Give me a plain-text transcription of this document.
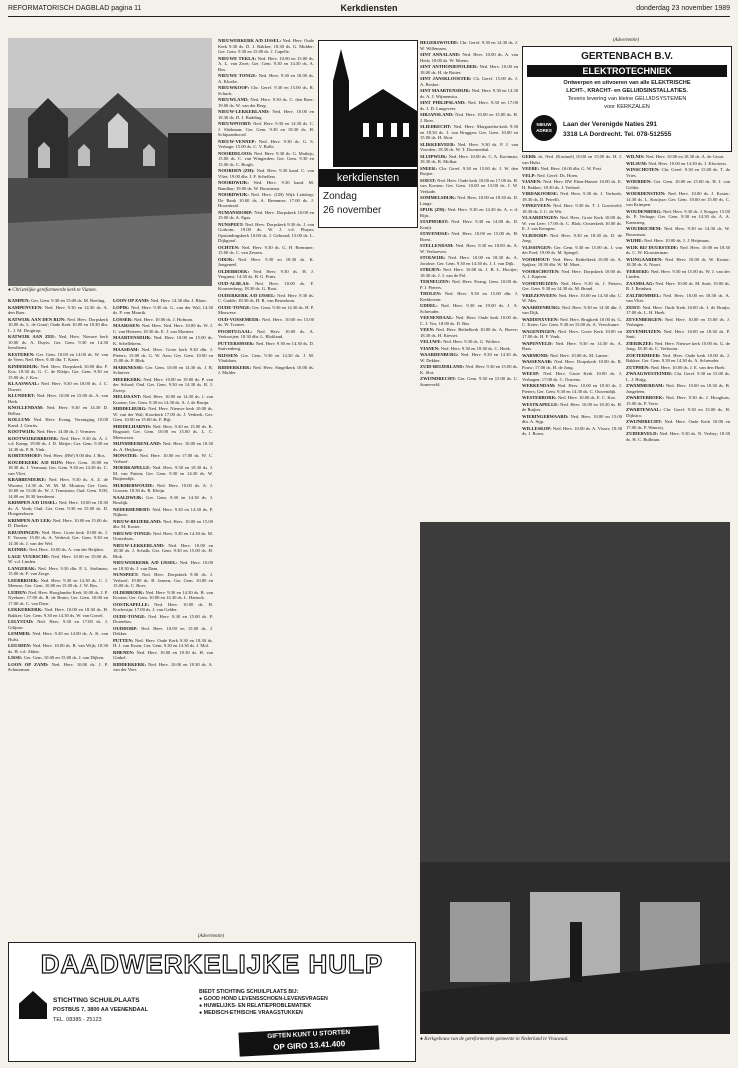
REFORMATORISCH DAGBLAD pagina 11	Kerkdiensten	donderdag 23 november 1989
● Christelijke gereformeerde kerk te Vianen.
kerkdiensten
Zondag
26 november

KAMPEN: Ger. Gem. 9.30 en 15.00 ds. M. Reeling.

KAMPENVEEN: Ned. Herv. 9.30 en 14.30 ds. A. den Boer.

KATWIJK AAN DEN RIJN: Ned. Herv. Dorpskerk 10.00 ds. L. de Graaf; Oude Kerk 10.00 en 18.30 dhr. L. J. M. Drogtrop.

KATWIJK AAN ZEE: Ned. Herv. Nieuwe kerk 10.00 ds. A. Duyts; Ger. Gem. 9.30 en 14.30 leesdienst.

KESTEREN: Ger. Gem. 10.00 en 14.00 ds. W. van de Veen; Ned. Herv. 9.30 dhr. T. Kater.

KINDERDIJK: Ned. Herv. Dorpskerk 10.00 dhr. F. Kos; 18.30 ds. G. C. de Kleijn; Ger. Gem. 9.30 en 15.00 ds. J. Kos.

KLAASWAAL: Ned. Herv. 9.30 en 18.00 ds. J. C. Duvert.

KLUNDERT: Ned. Herv. 10.00 en 15.00 ds. A. van Herk.

KNOLLENDAM: Ned. Herv. 9.30 en 14.30 D. Belhar.

KOLLUM: Ned. Herv. Evang. Vereniging 10.00 Kand. J. Gerrits.

KOOTWIJK: Ned. Herv. 14.00 ds. J. Vermeer.

KOOTWIJKERBROEK: Ned. Herv. 9.30 ds. A. J. v.d. Kamp; 19.00 ds. J. D. Meijer; Ger. Gem. 9.30 en 14.30 ds. P. B. Vink.

KORTENHOEF: Ned. Herv. (RW) 9.00 dhr. J. Bos.

KOUDEKERK A/D RIJN: Herv. Gem. 10.00 en 18.30 ds. J. Vermaat; Ger. Gem. 9.30 en 14.30 ds. C. van Vliet.

KRABBENDIJKE: Ned. Herv. 9.30 ds. A. Z. de Wuorm; 14.30 ds. W. M. M. Mouton; Ger. Gem. 10.00 en 15.00 ds. W. J. Teunissen; Oud. Gem. 9.00, 14.00 en 18.30 leesdienst.

KRIMPEN A/D IJSSEL: Ned. Herv. 10.00 en 18.30 ds. A. Vonk; Oud. Ger. Gem. 9.30 en 15.00 ds. D. Hoogendoorn.

KRIMPEN A/D LEK: Ned. Herv. 10.00 en 15.00 ds. D. Donker.

KRUININGEN: Ned. Herv. Grote kerk 10.00 ds. J. F. Vossen; 15.00 ds. A. Verheul; Ger. Gem. 9.30 en 14.30 ds. J. van der Wel.

KUINRE: Ned. Herv. 10.00 ds. A. van der Heijden.

LAGE VUURSCHE: Ned. Herv. 10.00 en 19.00 ds. W. v.d. Linden.

LANGERAK: Ned. Herv. 9.30 dhr. P. L. Stoltman; 15.00 ds. F. van Zorge.

LEERBROEK: Ned. Herv. 9.30 en 14.30 ds. C. J. Meeuse; Ger. Gem. 10.00 en 15.00 ds. J. W. Bos.

LEIDEN: Ned. Herv. Hooglandse Kerk 10.00 ds. J. P. Nyeboer; 17.00 ds. R. de Bruin; Ger. Gem. 10.00 en 17.00 ds. C. van Dam.

LEKKERKERK: Ned. Herv. 10.00 en 18.30 ds. H. Bakker; Ger. Gem. 9.30 en 14.30 ds. W. van Gorsel.

LELYSTAD: Ned. Herv. 9.30 en 17.00 ds. J. Gilijnse.

LEMMER: Ned. Herv. 9.30 en 14.00 ds. A. K. van Hulst.

LEUSDEN: Ned. Herv. 10.00 ds. B. van Wijk; 18.30 ds. H. v.d. Akker.

LISSE: Ger. Gem. 10.00 en 15.00 ds. J. van Dijken.

LOON OP ZAND: Ned. Herv. 10.00 ds. J. P. Schuurman.

LOON OP ZAND: Ned. Herv. 14.30 dhr. J. Blom.

LOPIK: Ned. Herv. 9.30 ds. G. van der Wal; 14.30 ds. P. van Mourik.

LOSSER: Ned. Herv. 10.00 ds. J. Hofman.

MAARSSEN: Ned. Herv. Ned. Herv. 10.00 ds. W. J. C. van Heteren; 18.30 ds. E. J. van Monster.

MAARTENSDIJK: Ned. Herv. 10.00 en 15.00 ds. K. Schellekens.

MAASDAM: Ned. Herv. Grote kerk 9.30 dhr. J. Pieters; 15.00 ds. G. W. Aars; Ger. Gem. 10.00 en 15.00 ds. P. Blok.

MARKNESSE: Ger. Gem. 10.00 en 14.30 ds. J. B. Schuiver.

MEERKERK: Ned. Herv. 10.00 en 19.00 ds. P. van der Schaaf; Oud. Ger. Gem. 9.30 en 14.30 ds. R. J. Zwiep.

MELISSANT: Ned. Herv. 10.00 en 14.30 ds. J. van Kooten; Ger. Gem. 9.30 en 14.30 ds. A. J. de Bruijn.

MIDDELBURG: Ned. Herv. Nieuwe kerk 10.00 ds. W. van der Wal; Koorkerk 17.00 ds. J. Verkerk; Ger. Gem. 10.00 en 15.00 ds. F. Bijl.

MIDDELHARNIS: Ned. Herv. 9.30 en 15.00 ds. K. Bogaard; Ger. Gem. 10.00 en 15.00 ds. L. C. Meeuwsen.

MIJNSHEERENLAND: Ned. Herv. 10.00 en 18.30 ds. A. Heijkoop.

MONSTER: Ned. Herv. 10.00 en 17.00 ds. W. C. Verhoef.

MOERKAPELLE: Ned. Herv. 9.30 en 18.30 ds. J. M. van Putten; Ger. Gem. 9.30 en 14.30 ds. W. Buijtendijk.

MURMERWOUDE: Ned. Herv. 10.00 ds. A. J. Goosen; 18.30 ds. R. Kleijn.

NAALDWIJK: Ger. Gem. 9.30 en 14.30 ds. J. Bosdijk.

NEDERHEMERT: Ned. Herv. 9.30 en 14.30 ds. P. Nijboer.

NIEUW-BEIJERLAND: Ned. Herv. 10.00 en 15.00 dhr. M. Koster.

NIEUWE-TONGE: Ned. Herv. 9.30 en 14.30 ds. M. Oosterhuis.

NIEUW-LEKKERLAND: Ned. Herv. 10.00 en 18.30 ds. J. Schalk; Ger. Gem. 9.30 en 15.00 ds. H. Blok.

NIEUWERKERK A/D IJSSEL: Ned. Herv. 10.00 en 18.30 ds. J. van Dam.

NUNSPEET: Ned. Herv. Dorpskerk 9.30 ds. J. Verhoef; 19.00 ds. B. Jansen; Ger. Gem. 10.00 en 15.00 ds. C. Boer.

OLDEBROEK: Ned. Herv. 9.30 en 14.30 ds. R. van Kooten; Ger. Gem. 10.00 en 14.30 ds. L. Harinck.

OOSTKAPELLE: Ned. Herv. 10.00 ds. H. Koelewijn; 17.00 ds. J. van Gelder.

OUDE-TONGE: Ned. Herv. 9.30 en 15.00 ds. P. Dorenbos.

OUDDORP: Ned. Herv. 10.00 en 15.00 ds. J. Dekker.

PUTTEN: Ned. Herv. Oude Kerk 9.30 en 18.30 ds. H. J. van Essen; Ger. Gem. 9.30 en 14.30 ds. J. Mol.

RHENEN: Ned. Herv. 10.00 en 18.30 ds. H. van Ginkel.

RIDDERKERK: Ned. Herv. 10.00 en 18.30 ds. A. van der Veer.

NIEUWERKERK A/D IJSSEL: Ned. Herv. Oude Kerk 9.30 ds. D. J. Bakker; 18.30 ds. G. Mulder; Ger. Gem. 9.30 en 15.00 ds. J. Capelle.

NIEUWE TEKLA: Ned. Herv. 10.00 en 15.00 ds. A. L. van Zwet; Ger. Gem. 9.30 en 14.30 ds. A. Bos.

NIEUWE TONGE: Ned. Herv. 9.30 en 18.00 ds. A. Kloeke.

NIEUWKOOP: Chr. Geref. 9.30 en 15.00 ds. R. Schuck.

NIEUWLAND: Ned. Herv. 9.30 ds. C. den Boer; 19.00 ds. W. van der Berg.

NIEUW-LEKKERLAND: Ned. Herv. 10.00 en 18.30 ds. D. J. Budding.

NIEUWPOORT: Ned. Herv. 9.30 en 14.30 ds. C. J. Sliekman; Ger. Gem. 9.30 en 18.30 ds. H. Schipaanboord.

NIEUW-VENNEP: Ned. Herv. 9.30 ds. G. S. Verhage; 15.00 ds. C. V. Bolle.

NOORDELOOS: Ned. Herv. 9.30 ds. G. Mathijs; 15.00 ds. C. van Wingerden; Ger. Gem. 9.30 en 15.00 ds. C. Borgh.

NOORDEN (ZH): Ned. Herv. 9.30 kand. C. van Vliet; 19.00 dhr. J. F. Scheffers.

NOORDWIJK: Ned. Herv. 9.30 kand. M. Bandhar; 19.00 ds. W. Bouwman.

NOORDWIJK: Ned. Herv. (GB) Wijk Leitdorp; De Bank 10.00 ds. A. Bremmer; 17.00 ds. J. Hoorntraal.

NUMANSDORP: Ned. Herv. Dorpskerk 10.00 en 15.00 ds. A. Egas.

NUNSPEET: Ned. Herv. Dorpskerk 9.30 ds. J. van Gorkom; 19.00 ds. W. J. v.d. Pluym; Opstandingskerk 10.00 ds. J. Gebraad; 15.00 ds. L. Dijkgraaf.

OCHTEN: Ned. Herv. 9.30 ds. G. H. Bremmer; 15.00 ds. C. van Zessen.

ODIJK: Ned. Herv. 9.30 en 18.30 ds. K. Jongeneel.

OLDEBROEK: Ned. Herv. 9.30 ds. H. J. Vergunst; 14.30 ds. H. G. Prins.

OUD-ALBLAS: Ned. Herv. 10.00 ds. F. Kouwenberg; 18.30 ds. G. Boot.

OUDERKERK A/D IJSSEL: Ned. Herv. 9.30 ds. C. Gudde; 18.30 ds. H. R. van Beusekom.

OUDE-TONGE: Ger. Gem. 9.30 en 14.30 ds. H. P. Meuwese.

OUD-VOSSEMEER: Ned. Herv. 10.00 en 15.00 ds. W. Tronier.

POORTUGAAL: Ned. Herv. 10.00 ds. A. Verkooijen; 18.30 dhr. L. Blokland.

PUTTERSHOEK: Ned. Herv. 9.30 en 14.30 ds. D. Stuivenberg.

RIJSSEN: Ger. Gem. 9.30 en 14.30 ds. J. M. Vlasblom.

RIDDERKERK: Ned. Herv. Singelkerk 10.00 ds. J. Mulder.

HEGERSWOUDE: Chr. Geref. 9.30 en 14.30 ds. J. W. Willemsen.

SINT ANNALAND: Ned. Herv. 10.00 ds. A. van Herk; 18.00 ds. W. Moens.

SINT ANTHONIEPOLDER: Ned. Herv. 10.00 en 18.00 ds. H. de Ruiter.

SINT JANSKLOOSTER: Ch. Geref. 15.00 ds. J. A. Bosker.

SINT MAARTENSDIJK: Ned. Herv. 9.30 en 14.30 ds. A. J. Wijmenstra.

SINT PHILIPSLAND: Ned. Herv. 9.30 en 17.00 ds. J. D. Langeveer.

SIRJANSLAND: Ned. Herv. 10.00 en 15.00 ds. B. J. Boer.

SLIEDRECHT: Ned. Herv. Margaretha-kerk 9.30 en 18.30 ds. J. van Bruggen; Ger. Gem. 10.00 en 15.00 ds. H. Slort.

SLIKKERVEER: Ned. Herv. 9.30 ds. P. J. van Voorden; 18.30 ds. W. T. Doornenbal.

SLUIPWIJK: Ned. Herv. 10.00 ds. C. A. Kooiman; 18.30 ds. R. Molkar.

SNEEK: Chr. Geref. 9.30 en 15.00 ds. J. W. den Ruijter.

SOEST: Ned. Herv. Oude kerk 10.00 en 17.00 ds. H. van Kooten; Ger. Gem. 10.00 en 15.00 ds. J. W. Verkade.

SOMMELSDIJK: Ned. Herv. 10.00 en 18.30 ds. D. Lange.

SPIJK (ZH): Ned. Herv. 9.30 en 14.30 ds. A. v. d. Rijst.

STAPHORST: Ned. Herv. 9.30 en 14.00 ds. D. Kruijt.

STAVENISSE: Ned. Herv. 10.00 en 15.00 ds. H. Roest.

STELLENDAM: Ned. Herv. 9.30 en 18.00 ds. A. W. Verhoeven.

STOLWIJK: Ned. Herv. 10.00 en 18.30 ds. A. Jacobse; Ger. Gem. 9.30 en 14.30 ds. J. J. van Dijk.

STRIJEN: Ned. Herv. 10.00 ds. J. B. L. Hooijer; 18.30 ds. J. J. van de Pol.

TERNEUZEN: Ned. Herv. Evang. Gem. 10.00 ds. P. J. Pieters.

THOLEN: Ned. Herv. 9.30 en 15.00 dhr. J. Kerkhoven.

UDDEL: Ned. Herv. 9.30 en 19.00 ds. J. A. Schreuder.

VEENENDAAL: Ned. Herv. Oude kerk 10.00 ds. C. J. Vos; 18.00 ds. D. Bas.

VEEN: Ned. Herv. Bethelkerk 10.00 ds. A. Boeve; 18.30 ds. H. Kieviet.

VELUWE: Ned. Herv. 9.30 ds. G. Wolters.

VIANEN: Ned. Herv. 9.30 en 18.30 ds. C. Hoek.

WAARDENBURG: Ned. Herv. 9.30 en 14.30 ds. W. Dekker.

ZUID-BEIJERLAND: Ned. Herv. 9.30 en 15.00 ds. K. Slot.

ZWIJNDRECHT: Ger. Gem. 9.30 en 15.00 ds. C. Sonneveld.

GERB: ds. Ned. (Kruimel) 10.00 en 15.00 ds. H. J. van Hulst.

VEERE: Ned. Herv. 10.00 dhr. G. W. Post.

VELP: Ned. Geref. Ds. Hoen.

VIANEN: Ned. Herv. RW Eben-Haezer 10.00 ds. E. H. Bakker; 18.30 ds. J. Verhoef.

VIRDAKOORSE: Ned. Herv. 9.30 ds. J. Verhoek; 18.30 ds. D. Petrelli.

VINKEVEEN: Ned. Herv. 9.30 ds. T. J. Grootveld; 18.30 ds. J. C. de Wit.

VLAARDINGEN: Ned. Herv. Grote Kerk 10.00 ds. W. van Leer; 17.00 ds. C. Blok; Oosterkerk 10.00 ds. E. J. van Kempen.

VLIEDORP: Ned. Herv. 9.30 en 18.30 ds. D. de Jong.

VLISSINGEN: Ger. Gem. 9.30 en 15.00 ds. J. van der Poel; 19.00 ds. M. Spiegel.

VOORHOUT: Ned. Herv. Bethelkerk 10.00 ds. A. Spijker; 18.30 dhr. W. M. Moet.

VOORSCHOTEN: Ned. Herv. Dorpskerk 10.00 ds. A. J. Kaptein.

VOORTHUIZEN: Ned. Herv. 9.30 ds. J. Pieters; Ger. Gem. 9.30 en 14.30 ds. M. Brand.

VRIEZENVEEN: Ned. Herv. 10.00 en 14.30 dhr. C. W. Mes.

WAARDENBURG: Ned. Herv. 9.30 en 14.30 dhr. J. van Dijk.

WADDINXVEEN: Ned. Herv. Brugkerk 10.00 ds. G. C. Kater; Ger. Gem. 9.30 en 15.00 ds. A. Verschuure.

WAGENINGEN: Ned. Herv. Grote Kerk 10.00 en 17.00 ds. H. F. Vonk.

WAPENVELD: Ned. Herv. 9.30 en 14.30 ds. A. Baas.

WARMOND: Ned. Herv. 10.00 ds. M. Lanser.

WASSENAAR: Ned. Herv. Dorpskerk 10.00 ds. R. Pouw; 17.00 ds. H. de Jong.

WEESP: Ned. Herv. Grote Kerk 10.00 ds. J. Verhagen; 17.00 ds. C. Ouwens.

WERKENDAM: Ned. Herv. 10.00 en 18.30 ds. J. Pieters; Ger. Gem. 9.30 en 14.30 ds. C. Ouwendijk.

WESTERBORK: Ned. Herv. 10.00 ds. E. C. Koe.

WESTKAPELLE: Ned. Herv. 10.00 en 18.30 ds. H. de Ruijter.

WIERINGERWAARD: Ned. Herv. 10.00 en 15.00 dhr. A. Sijp.

WILLESKOP: Ned. Herv. 10.00 ds. A. Visser; 18.30 ds. J. Rouw.

WILNIS: Ned. Herv. 10.00 en 18.30 ds. A. de Groot.

WILSUM: Ned. Herv. 10.00 en 14.30 ds. J. Kloosters.

WINSCHOTEN: Chr. Geref. 9.30 en 15.00 ds. T. de Vries.

WOERDEN: Ger. Gem. 10.00 en 15.00 ds. H. J. van Gelder.

WOERDENSTEIN: Ned. Herv. 10.00 ds. J. Koster; 14.30 ds. L. Kruijsse; Ger. Gem. 10.00 en 15.00 ds. C. van Krimpen.

WOUDENBERG: Ned. Herv. 9.30 ds. J. Kruger; 15.00 ds. P. Verhage; Ger. Gem. 9.30 en 14.30 ds. A. A. Kamsteeg.

WOUDRICHEM: Ned. Herv. 9.30 en 14.30 ds. W. Bouwman.

WIJHE: Ned. Herv. 10.00 ds. J. J. Heijmans.

WIJK BIJ DUURSTEDE: Ned. Herv. 10.00 en 18.30 ds. C. W. Kloosterman.

WIJNGAARDEN: Ned. Herv. 10.00 ds. W. Koster; 18.30 ds. A. Noort.

YERSEKE: Ned. Herv. 9.30 en 15.00 ds. W. J. van der Linden.

ZAAMSLAG: Ned. Herv. 10.00 ds. M. Smit; 19.00 ds. B. J. Reinhart.

ZALTBOMMEL: Ned. Herv. 10.00 en 18.30 ds. A. van Vliet.

ZEIST: Ned. Herv. Oude Kerk 10.00 ds. J. de Bruijn; 17.00 ds. L. H. Hoek.

ZEVENBERGEN: Ned. Herv. 10.00 en 15.00 ds. J. Verhagen.

ZEVENHUIZEN: Ned. Herv. 10.00 en 18.30 ds. P. Smit.

ZIERIKZEE: Ned. Herv. Nieuwe kerk 10.00 ds. G. de Jong; 18.30 ds. C. Verboom.

ZOETERMEER: Ned. Herv. Oude kerk 10.00 ds. J. Bakker; Ger. Gem. 9.30 en 14.30 ds. A. Schreuder.

ZUTPHEN: Ned. Herv. 10.00 ds. J. E. van den Hoek.

ZWAAGWESTEINDE: Chr. Geref. 9.30 en 15.00 ds. L. J. Huijg.

ZWAMMERDAM: Ned. Herv. 10.00 en 18.30 ds. B. Jongeleen.

ZWARTEBROEK: Ned. Herv. 9.30 ds. J. Hooghuis; 15.00 ds. P. Vorts.

ZWARTEWAAL: Chr. Geref. 9.30 en 15.00 ds. H. Dijkstra.

ZWIJNDRECHT: Ned. Herv. Oude Kerk 10.00 en 17.00 ds. P. Wanroij.

ZUIDERVELD: Ned. Herv. 9.30 ds. N. Verhey; 18.30 ds. H. C. Bullman.

(Advertentie)
GERTENBACH B.V.
ELEKTROTECHNIEK
Ontwerpen en uitvoeren van alle ELEKTRISCHE
LICHT-, KRACHT- en GELUIDSINSTALLATIES.
Tevens levering van kleine GELUIDSYSTEMEN
voor KERKZALEN
NIEUW ADRES
Laan der Verenigde Naties 291
3318 LA Dordrecht. Tel. 078-512555
● Kerkgebouw van de gereformeerde gemeente in Nederland te Vrouwaal.
(Advertentie)
DAADWERKELIJKE HULP
STICHTING SCHUILPLAATS
POSTBUS 7, 3800 AA VEENENDAAL
TEL. 08385 - 25123
BIEDT STICHTING SCHUILPLAATS BIJ:
● GOOD HOND LEVENSSCHOEN-LEVENSVRAGEN
● HUWELIJKS- EN RELATIEPROBLEMATIEK
● MEDISCH-ETHISCHE VRAAGSTUKKEN
GIFTEN KUNT U STORTEN
OP GIRO 13.41.400
